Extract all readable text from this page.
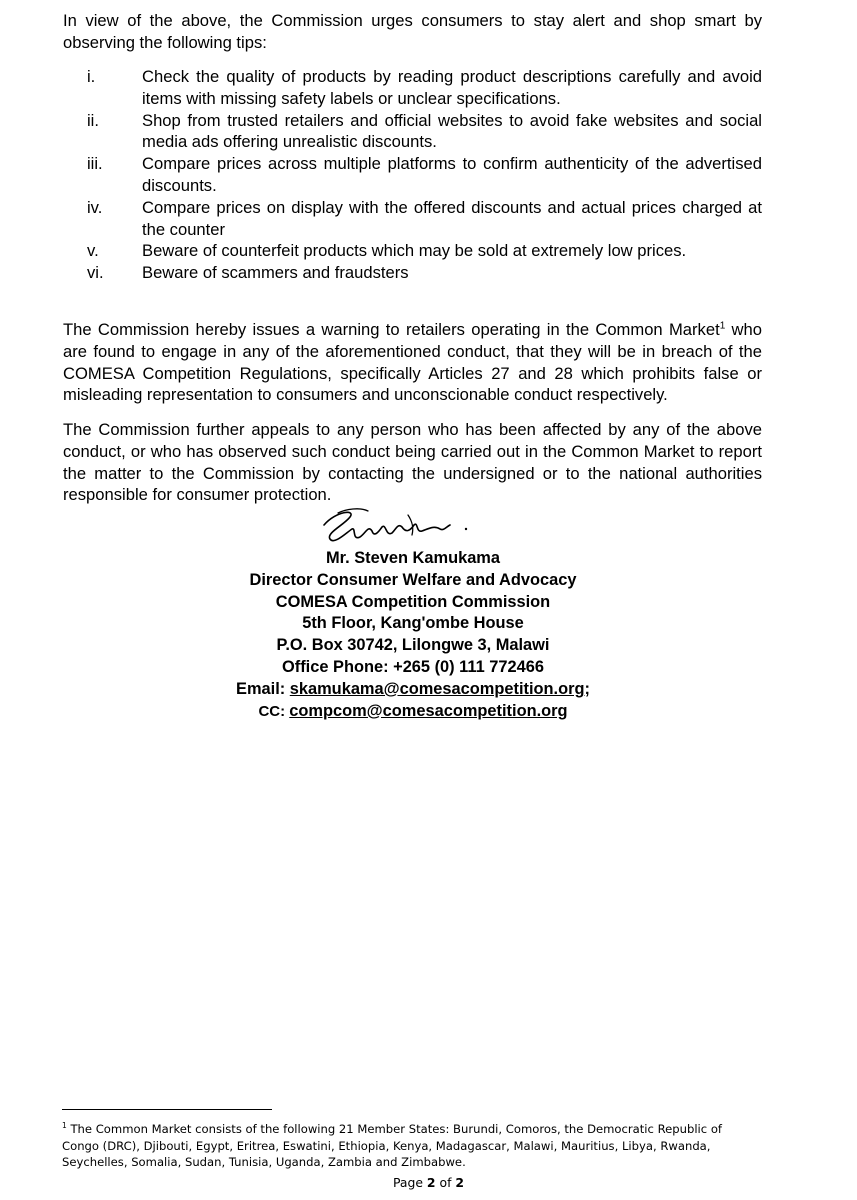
In view of the above, the Commission urges consumers to stay alert and shop smart by observing the following tips:

i.	Check the quality of products by reading product descriptions carefully and avoid items with missing safety labels or unclear specifications.
ii.	Shop from trusted retailers and official websites to avoid fake websites and social media ads offering unrealistic discounts.
iii. Compare prices across multiple platforms to confirm authenticity of the advertised discounts.
iv. Compare prices on display with the offered discounts and actual prices charged at the counter
v.	Beware of counterfeit products which may be sold at extremely low prices.
vi. Beware of scammers and fraudsters

The Commission hereby issues a warning to retailers operating in the Common Market$^1$ who are found to engage in any of the aforementioned conduct, that they will be in breach of the COMESA Competition Regulations, specifically Articles 27 and 28 which prohibits false or misleading representation to consumers and unconscionable conduct respectively.

The Commission further appeals to any person who has been affected by any of the above conduct, or who has observed such conduct being carried out in the Common Market to report the matter to the Commission by contacting the undersigned or to the national authorities responsible for consumer protection.

Mr. Steven Kamukama
Director Consumer Welfare and Advocacy
COMESA Competition Commission
5th Floor, Kang'ombe House
P.O. Box 30742, Lilongwe 3, Malawi
Office Phone: +265 (0) 111 772466
Email: skamukama@comesacompetition.org;
CC: compcom@comesacompetition.org

$^1$ The Common Market consists of the following 21 Member States: Burundi, Comoros, the Democratic Republic of Congo (DRC), Djibouti, Egypt, Eritrea, Eswatini, Ethiopia, Kenya, Madagascar, Malawi, Mauritius, Libya, Rwanda, Seychelles, Somalia, Sudan, Tunisia, Uganda, Zambia and Zimbabwe.

Page 2 of 2
